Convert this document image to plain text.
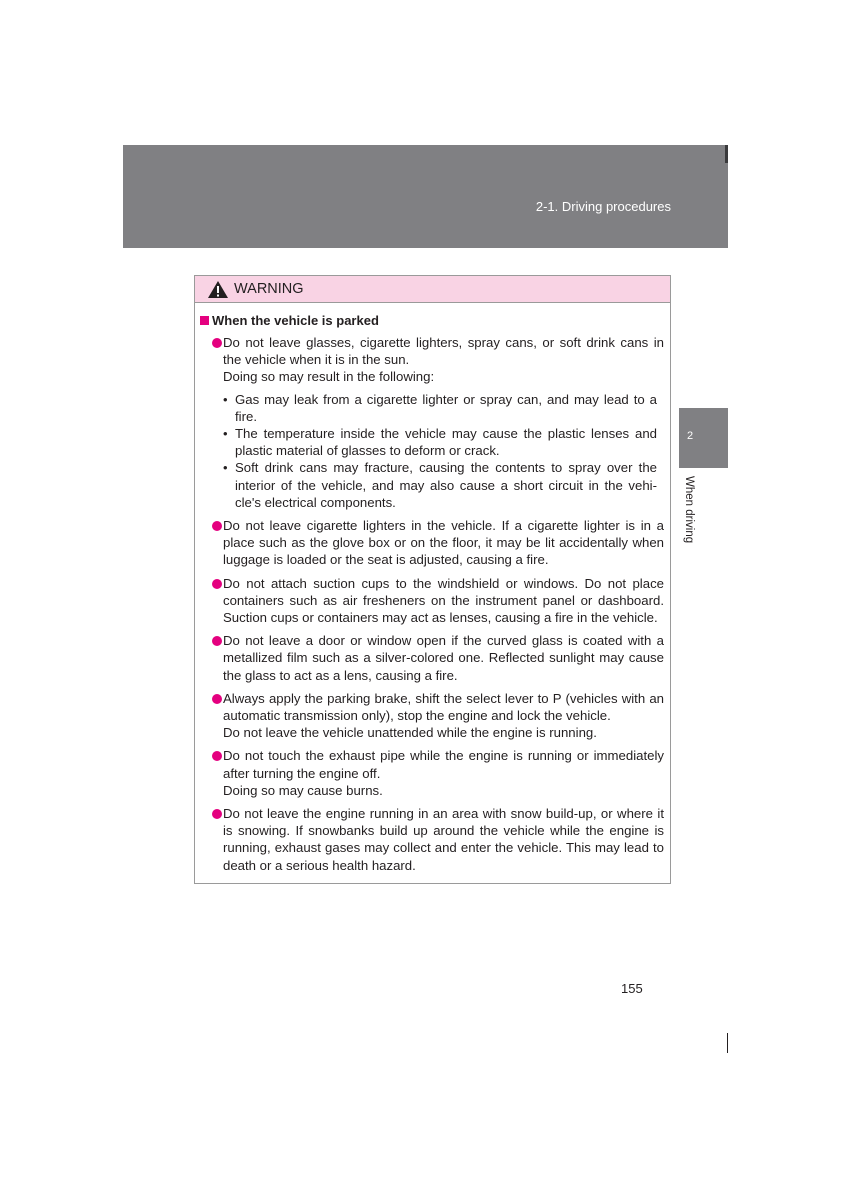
2-1. Driving procedures
2
When driving
WARNING
When the vehicle is parked

Do not leave glasses, cigarette lighters, spray cans, or soft drink cans in the vehicle when it is in the sun.

Doing so may result in the following:

• Gas may leak from a cigarette lighter or spray can, and may lead to a fire.
• The temperature inside the vehicle may cause the plastic lenses and plastic material of glasses to deform or crack.
• Soft drink cans may fracture, causing the contents to spray over the interior of the vehicle, and may also cause a short circuit in the vehi-cle's electrical components.

Do not leave cigarette lighters in the vehicle. If a cigarette lighter is in a place such as the glove box or on the floor, it may be lit accidentally when luggage is loaded or the seat is adjusted, causing a fire.

Do not attach suction cups to the windshield or windows. Do not place containers such as air fresheners on the instrument panel or dashboard. Suction cups or containers may act as lenses, causing a fire in the vehicle.

Do not leave a door or window open if the curved glass is coated with a metallized film such as a silver-colored one. Reflected sunlight may cause the glass to act as a lens, causing a fire.

Always apply the parking brake, shift the select lever to P (vehicles with an automatic transmission only), stop the engine and lock the vehicle.

Do not leave the vehicle unattended while the engine is running.

Do not touch the exhaust pipe while the engine is running or immediately after turning the engine off.

Doing so may cause burns.

Do not leave the engine running in an area with snow build-up, or where it is snowing. If snowbanks build up around the vehicle while the engine is running, exhaust gases may collect and enter the vehicle. This may lead to death or a serious health hazard.

155
